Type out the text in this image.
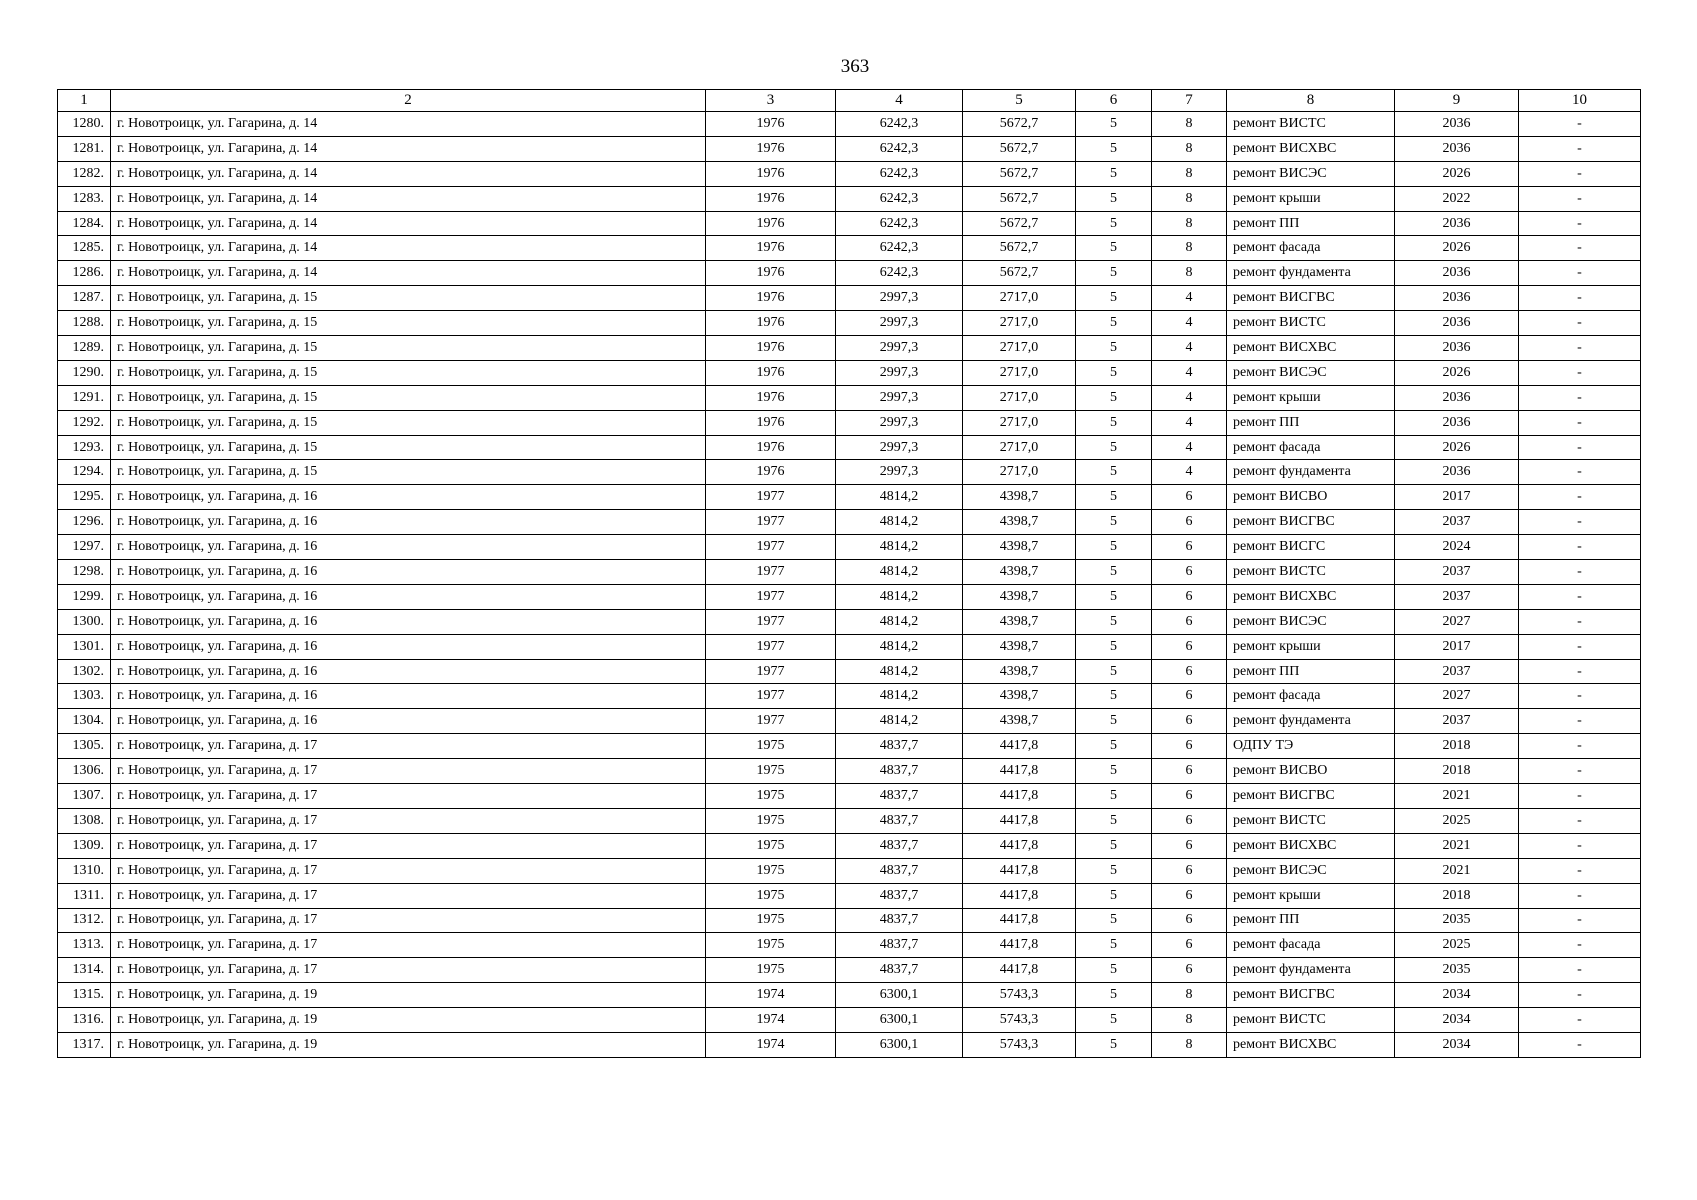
363
1	2	3	4	5	6	7	8	9	10
1280.	г. Новотроицк, ул. Гагарина, д. 14	1976	6242,3	5672,7	5	8	ремонт ВИСТС	2036	-
1281.	г. Новотроицк, ул. Гагарина, д. 14	1976	6242,3	5672,7	5	8	ремонт ВИСХВС	2036	-
1282.	г. Новотроицк, ул. Гагарина, д. 14	1976	6242,3	5672,7	5	8	ремонт ВИСЭС	2026	-
1283.	г. Новотроицк, ул. Гагарина, д. 14	1976	6242,3	5672,7	5	8	ремонт крыши	2022	-
1284.	г. Новотроицк, ул. Гагарина, д. 14	1976	6242,3	5672,7	5	8	ремонт ПП	2036	-
1285.	г. Новотроицк, ул. Гагарина, д. 14	1976	6242,3	5672,7	5	8	ремонт фасада	2026	-
1286.	г. Новотроицк, ул. Гагарина, д. 14	1976	6242,3	5672,7	5	8	ремонт фундамента	2036	-
1287.	г. Новотроицк, ул. Гагарина, д. 15	1976	2997,3	2717,0	5	4	ремонт ВИСГВС	2036	-
1288.	г. Новотроицк, ул. Гагарина, д. 15	1976	2997,3	2717,0	5	4	ремонт ВИСТС	2036	-
1289.	г. Новотроицк, ул. Гагарина, д. 15	1976	2997,3	2717,0	5	4	ремонт ВИСХВС	2036	-
1290.	г. Новотроицк, ул. Гагарина, д. 15	1976	2997,3	2717,0	5	4	ремонт ВИСЭС	2026	-
1291.	г. Новотроицк, ул. Гагарина, д. 15	1976	2997,3	2717,0	5	4	ремонт крыши	2036	-
1292.	г. Новотроицк, ул. Гагарина, д. 15	1976	2997,3	2717,0	5	4	ремонт ПП	2036	-
1293.	г. Новотроицк, ул. Гагарина, д. 15	1976	2997,3	2717,0	5	4	ремонт фасада	2026	-
1294.	г. Новотроицк, ул. Гагарина, д. 15	1976	2997,3	2717,0	5	4	ремонт фундамента	2036	-
1295.	г. Новотроицк, ул. Гагарина, д. 16	1977	4814,2	4398,7	5	6	ремонт ВИСВО	2017	-
1296.	г. Новотроицк, ул. Гагарина, д. 16	1977	4814,2	4398,7	5	6	ремонт ВИСГВС	2037	-
1297.	г. Новотроицк, ул. Гагарина, д. 16	1977	4814,2	4398,7	5	6	ремонт ВИСГС	2024	-
1298.	г. Новотроицк, ул. Гагарина, д. 16	1977	4814,2	4398,7	5	6	ремонт ВИСТС	2037	-
1299.	г. Новотроицк, ул. Гагарина, д. 16	1977	4814,2	4398,7	5	6	ремонт ВИСХВС	2037	-
1300.	г. Новотроицк, ул. Гагарина, д. 16	1977	4814,2	4398,7	5	6	ремонт ВИСЭС	2027	-
1301.	г. Новотроицк, ул. Гагарина, д. 16	1977	4814,2	4398,7	5	6	ремонт крыши	2017	-
1302.	г. Новотроицк, ул. Гагарина, д. 16	1977	4814,2	4398,7	5	6	ремонт ПП	2037	-
1303.	г. Новотроицк, ул. Гагарина, д. 16	1977	4814,2	4398,7	5	6	ремонт фасада	2027	-
1304.	г. Новотроицк, ул. Гагарина, д. 16	1977	4814,2	4398,7	5	6	ремонт фундамента	2037	-
1305.	г. Новотроицк, ул. Гагарина, д. 17	1975	4837,7	4417,8	5	6	ОДПУ ТЭ	2018	-
1306.	г. Новотроицк, ул. Гагарина, д. 17	1975	4837,7	4417,8	5	6	ремонт ВИСВО	2018	-
1307.	г. Новотроицк, ул. Гагарина, д. 17	1975	4837,7	4417,8	5	6	ремонт ВИСГВС	2021	-
1308.	г. Новотроицк, ул. Гагарина, д. 17	1975	4837,7	4417,8	5	6	ремонт ВИСТС	2025	-
1309.	г. Новотроицк, ул. Гагарина, д. 17	1975	4837,7	4417,8	5	6	ремонт ВИСХВС	2021	-
1310.	г. Новотроицк, ул. Гагарина, д. 17	1975	4837,7	4417,8	5	6	ремонт ВИСЭС	2021	-
1311.	г. Новотроицк, ул. Гагарина, д. 17	1975	4837,7	4417,8	5	6	ремонт крыши	2018	-
1312.	г. Новотроицк, ул. Гагарина, д. 17	1975	4837,7	4417,8	5	6	ремонт ПП	2035	-
1313.	г. Новотроицк, ул. Гагарина, д. 17	1975	4837,7	4417,8	5	6	ремонт фасада	2025	-
1314.	г. Новотроицк, ул. Гагарина, д. 17	1975	4837,7	4417,8	5	6	ремонт фундамента	2035	-
1315.	г. Новотроицк, ул. Гагарина, д. 19	1974	6300,1	5743,3	5	8	ремонт ВИСГВС	2034	-
1316.	г. Новотроицк, ул. Гагарина, д. 19	1974	6300,1	5743,3	5	8	ремонт ВИСТС	2034	-
1317.	г. Новотроицк, ул. Гагарина, д. 19	1974	6300,1	5743,3	5	8	ремонт ВИСХВС	2034	-
